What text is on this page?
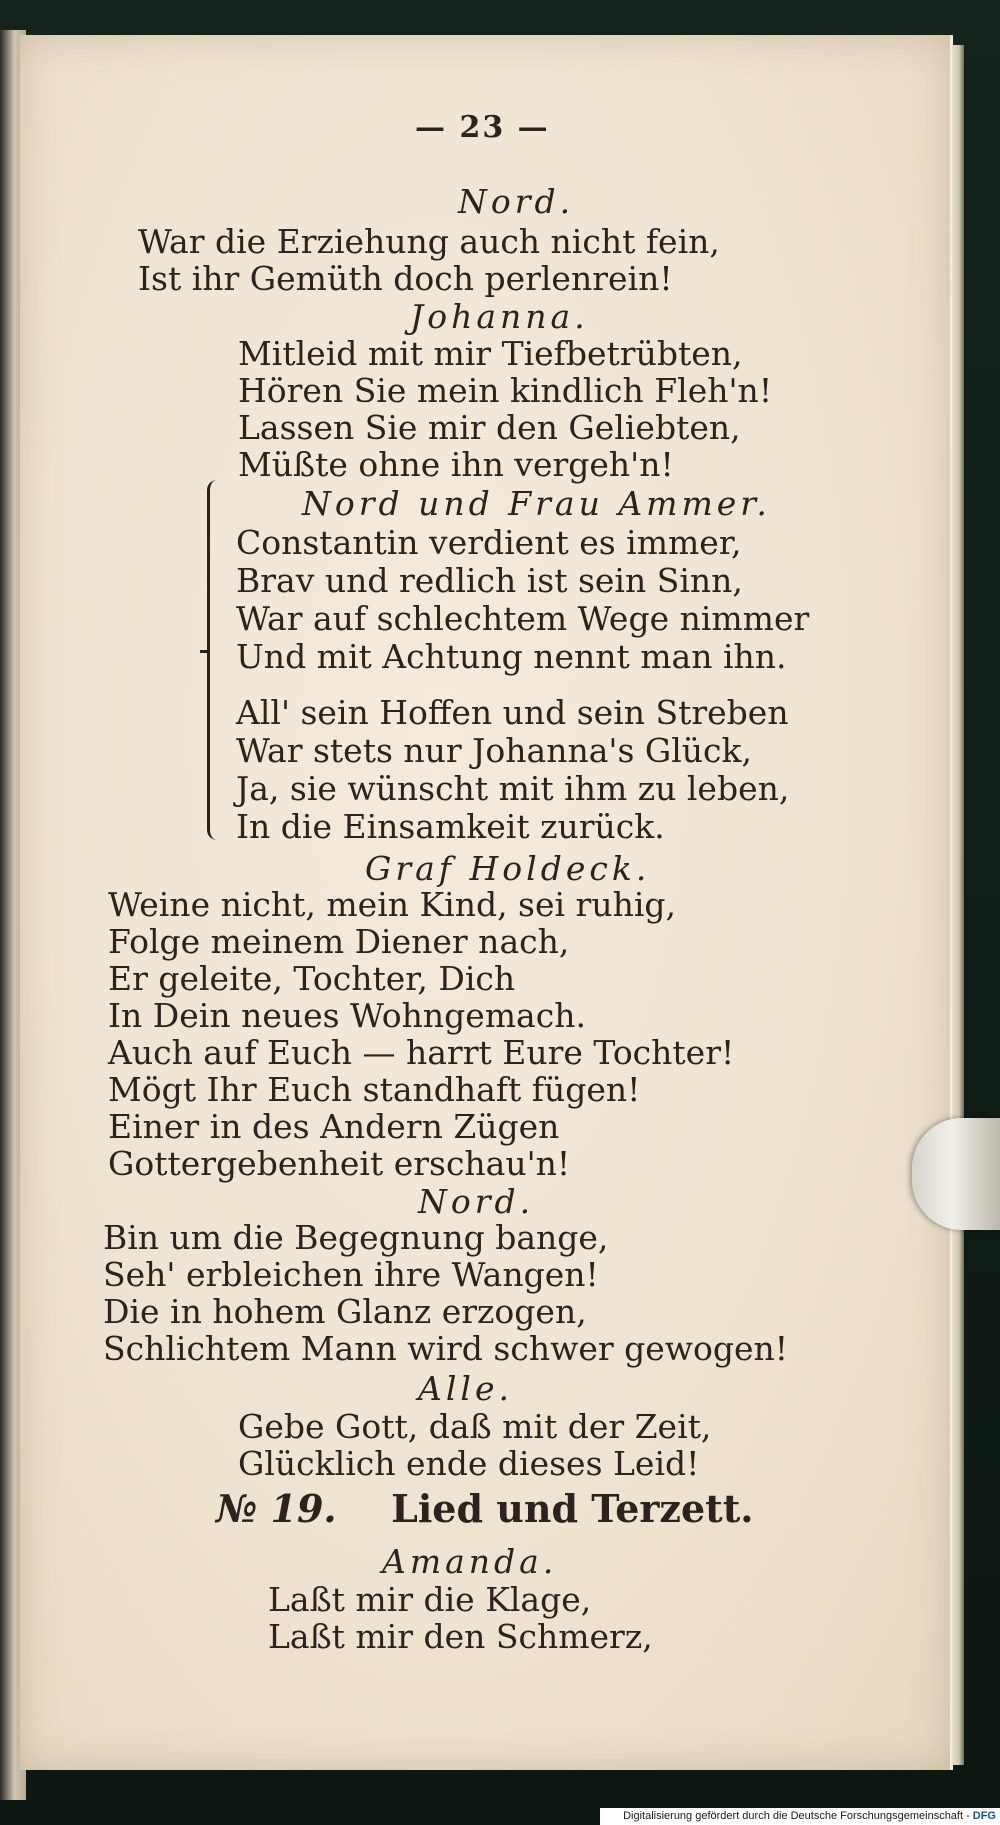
— 23 —
Nord.
War die Erziehung auch nicht fein,
Ist ihr Gemüth doch perlenrein!
Johanna.
Mitleid mit mir Tiefbetrübten,
Hören Sie mein kindlich Fleh'n!
Lassen Sie mir den Geliebten,
Müßte ohne ihn vergeh'n!
Nord und Frau Ammer.
Constantin verdient es immer,
Brav und redlich ist sein Sinn,
War auf schlechtem Wege nimmer
Und mit Achtung nennt man ihn.
All' sein Hoffen und sein Streben
War stets nur Johanna's Glück,
Ja, sie wünscht mit ihm zu leben,
In die Einsamkeit zurück.
Graf Holdeck.
Weine nicht, mein Kind, sei ruhig,
Folge meinem Diener nach,
Er geleite, Tochter, Dich
In Dein neues Wohngemach.
Auch auf Euch — harrt Eure Tochter!
Mögt Ihr Euch standhaft fügen!
Einer in des Andern Zügen
Gottergebenheit erschau'n!
Nord.
Bin um die Begegnung bange,
Seh' erbleichen ihre Wangen!
Die in hohem Glanz erzogen,
Schlichtem Mann wird schwer gewogen!
Alle.
Gebe Gott, daß mit der Zeit,
Glücklich ende dieses Leid!
№ 19. Lied und Terzett.
Amanda.
Laßt mir die Klage,
Laßt mir den Schmerz,
Digitalisierung gefördert durch die Deutsche Forschungsgemeinschaft - DFG
